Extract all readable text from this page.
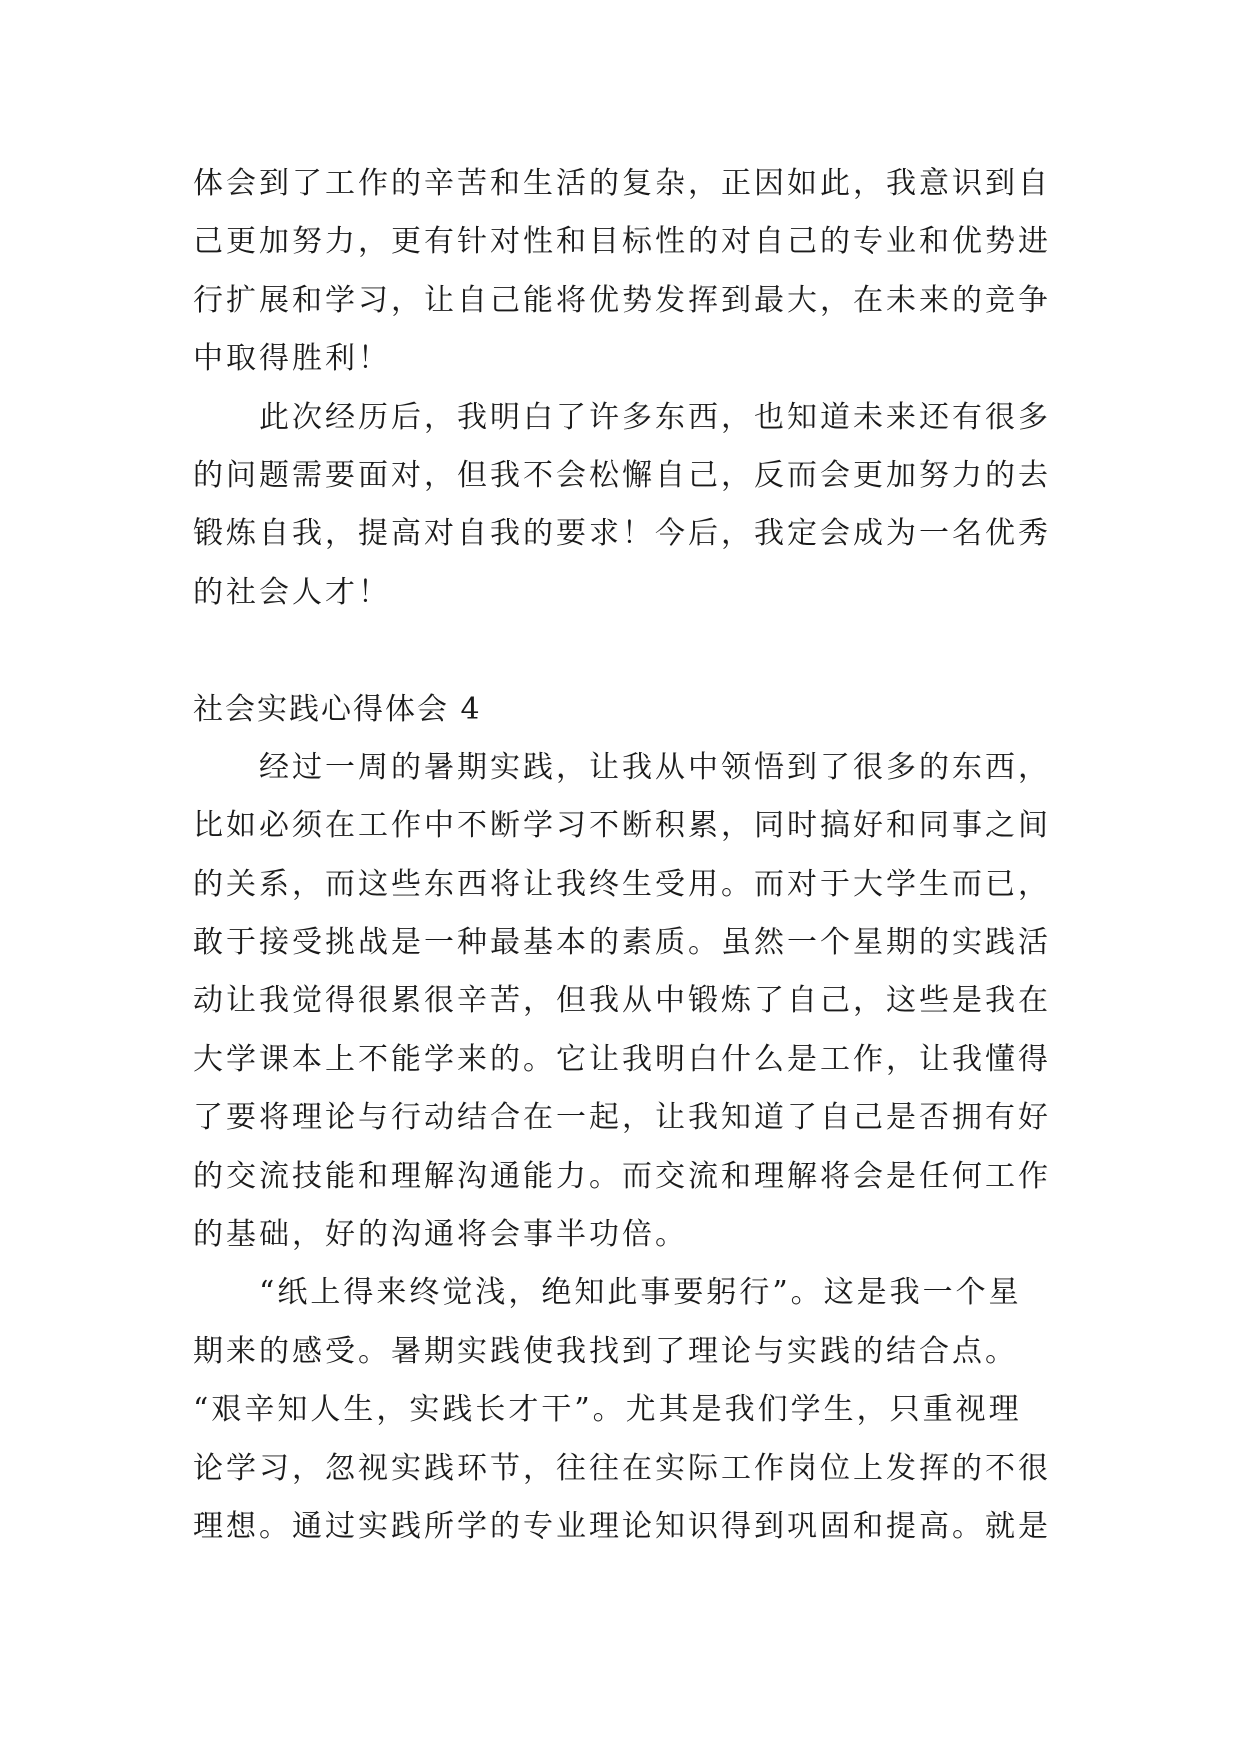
体会到了工作的辛苦和生活的复杂，正因如此，我意识到自
己更加努力，更有针对性和目标性的对自己的专业和优势进
行扩展和学习，让自己能将优势发挥到最大，在未来的竞争
中取得胜利！
此次经历后，我明白了许多东西，也知道未来还有很多
的问题需要面对，但我不会松懈自己，反而会更加努力的去
锻炼自我，提高对自我的要求！今后，我定会成为一名优秀
的社会人才！
社会实践心得体会 4
经过一周的暑期实践，让我从中领悟到了很多的东西，
比如必须在工作中不断学习不断积累，同时搞好和同事之间
的关系，而这些东西将让我终生受用。而对于大学生而已，
敢于接受挑战是一种最基本的素质。虽然一个星期的实践活
动让我觉得很累很辛苦，但我从中锻炼了自己，这些是我在
大学课本上不能学来的。它让我明白什么是工作，让我懂得
了要将理论与行动结合在一起，让我知道了自己是否拥有好
的交流技能和理解沟通能力。而交流和理解将会是任何工作
的基础，好的沟通将会事半功倍。
“纸上得来终觉浅，绝知此事要躬行”。这是我一个星
期来的感受。暑期实践使我找到了理论与实践的结合点。
“艰辛知人生，实践长才干”。尤其是我们学生，只重视理
论学习，忽视实践环节，往往在实际工作岗位上发挥的不很
理想。通过实践所学的专业理论知识得到巩固和提高。就是
